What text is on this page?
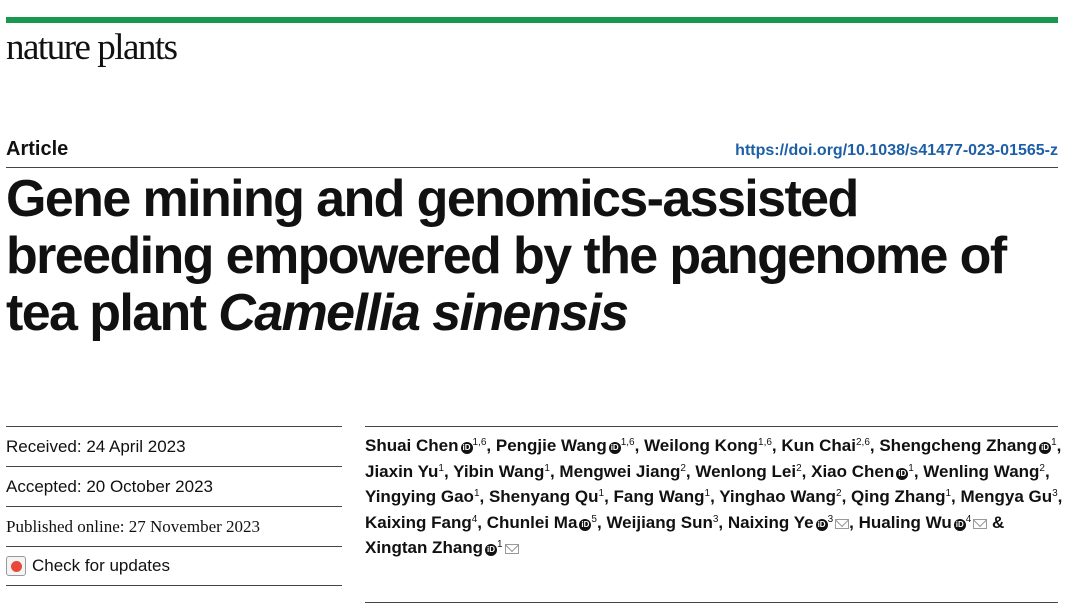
nature plants
Article	https://doi.org/10.1038/s41477-023-01565-z
Gene mining and genomics-assisted
breeding empowered by the pangenome of
tea plant Camellia sinensis
Received: 24 April 2023
Accepted: 20 October 2023
Published online: 27 November 2023
Check for updates

Shuai Chen iD $^{1,6}$, Pengjie Wang iD $^{1,6}$, Weilong Kong$^{1,6}$, Kun Chai$^{2,6}$, Shengcheng Zhang iD $^1$, Jiaxin Yu$^1$, Yibin Wang$^1$, Mengwei Jiang$^2$, Wenlong Lei$^2$, Xiao Chen iD $^1$, Wenling Wang$^2$, Yingying Gao$^1$, Shenyang Qu$^1$, Fang Wang$^1$, Yinghao Wang$^2$, Qing Zhang$^1$, Mengya Gu$^3$, Kaixing Fang$^4$, Chunlei Ma iD $^5$, Weijiang Sun$^3$, Naixing Ye iD $^3$ , Hualing Wu iD $^4$ & Xingtan Zhang iD $^1$
